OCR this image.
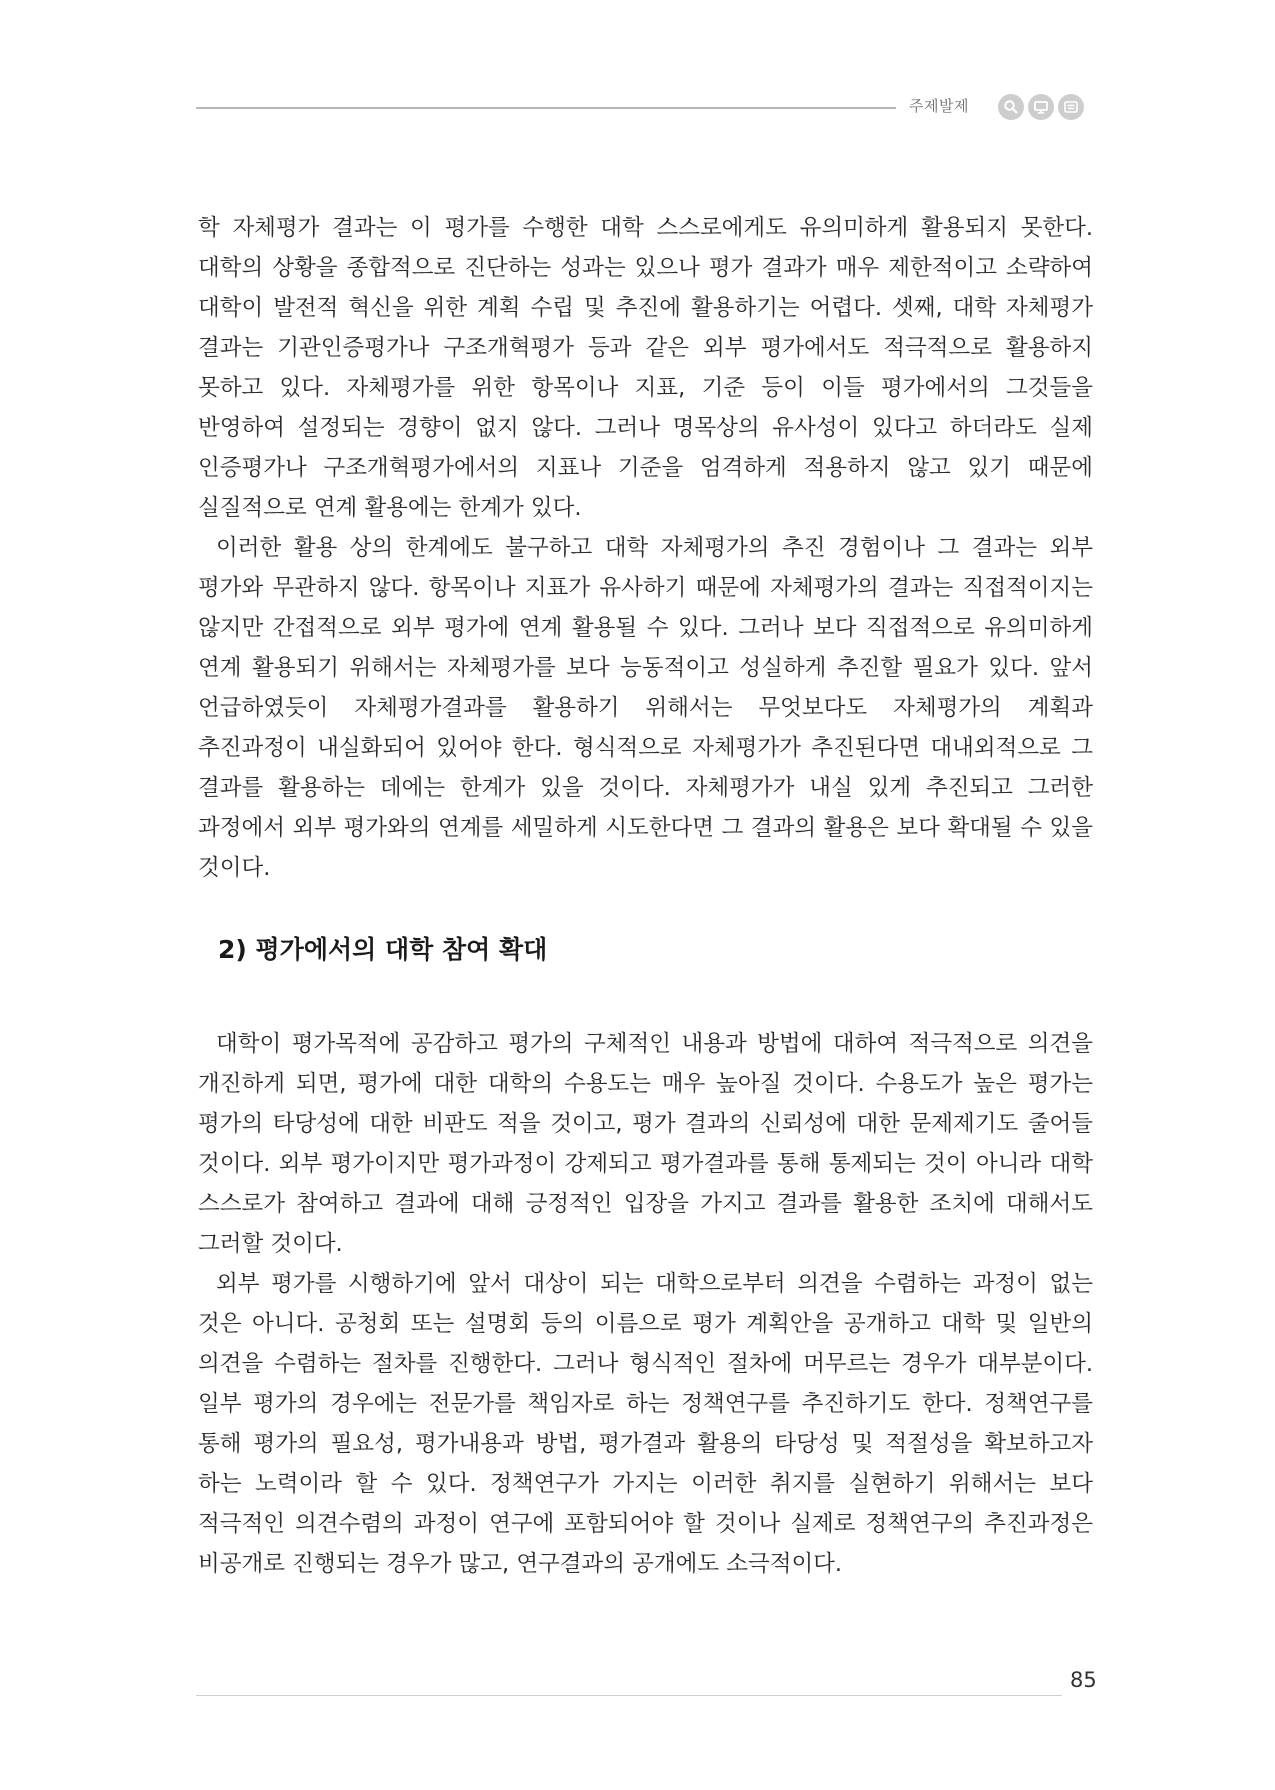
주제발제

학 자체평가 결과는 이 평가를 수행한 대학 스스로에게도 유의미하게 활용되지 못한다. 대학의 상황을 종합적으로 진단하는 성과는 있으나 평가 결과가 매우 제한적이고 소략하여 대학이 발전적 혁신을 위한 계획 수립 및 추진에 활용하기는 어렵다. 셋째, 대학 자체평가 결과는 기관인증평가나 구조개혁평가 등과 같은 외부 평가에서도 적극적으로 활용하지 못하고 있다. 자체평가를 위한 항목이나 지표, 기준 등이 이들 평가에서의 그것들을 반영하여 설정되는 경향이 없지 않다. 그러나 명목상의 유사성이 있다고 하더라도 실제 인증평가나 구조개혁평가에서의 지표나 기준을 엄격하게 적용하지 않고 있기 때문에 실질적으로 연계 활용에는 한계가 있다.

이러한 활용 상의 한계에도 불구하고 대학 자체평가의 추진 경험이나 그 결과는 외부 평가와 무관하지 않다. 항목이나 지표가 유사하기 때문에 자체평가의 결과는 직접적이지는 않지만 간접적으로 외부 평가에 연계 활용될 수 있다. 그러나 보다 직접적으로 유의미하게 연계 활용되기 위해서는 자체평가를 보다 능동적이고 성실하게 추진할 필요가 있다. 앞서 언급하였듯이 자체평가결과를 활용하기 위해서는 무엇보다도 자체평가의 계획과 추진과정이 내실화되어 있어야 한다. 형식적으로 자체평가가 추진된다면 대내외적으로 그 결과를 활용하는 데에는 한계가 있을 것이다. 자체평가가 내실 있게 추진되고 그러한 과정에서 외부 평가와의 연계를 세밀하게 시도한다면 그 결과의 활용은 보다 확대될 수 있을 것이다.

2) 평가에서의 대학 참여 확대

대학이 평가목적에 공감하고 평가의 구체적인 내용과 방법에 대하여 적극적으로 의견을 개진하게 되면, 평가에 대한 대학의 수용도는 매우 높아질 것이다. 수용도가 높은 평가는 평가의 타당성에 대한 비판도 적을 것이고, 평가 결과의 신뢰성에 대한 문제제기도 줄어들 것이다. 외부 평가이지만 평가과정이 강제되고 평가결과를 통해 통제되는 것이 아니라 대학 스스로가 참여하고 결과에 대해 긍정적인 입장을 가지고 결과를 활용한 조치에 대해서도 그러할 것이다.

외부 평가를 시행하기에 앞서 대상이 되는 대학으로부터 의견을 수렴하는 과정이 없는 것은 아니다. 공청회 또는 설명회 등의 이름으로 평가 계획안을 공개하고 대학 및 일반의 의견을 수렴하는 절차를 진행한다. 그러나 형식적인 절차에 머무르는 경우가 대부분이다. 일부 평가의 경우에는 전문가를 책임자로 하는 정책연구를 추진하기도 한다. 정책연구를 통해 평가의 필요성, 평가내용과 방법, 평가결과 활용의 타당성 및 적절성을 확보하고자 하는 노력이라 할 수 있다. 정책연구가 가지는 이러한 취지를 실현하기 위해서는 보다 적극적인 의견수렴의 과정이 연구에 포함되어야 할 것이나 실제로 정책연구의 추진과정은 비공개로 진행되는 경우가 많고, 연구결과의 공개에도 소극적이다.

85
